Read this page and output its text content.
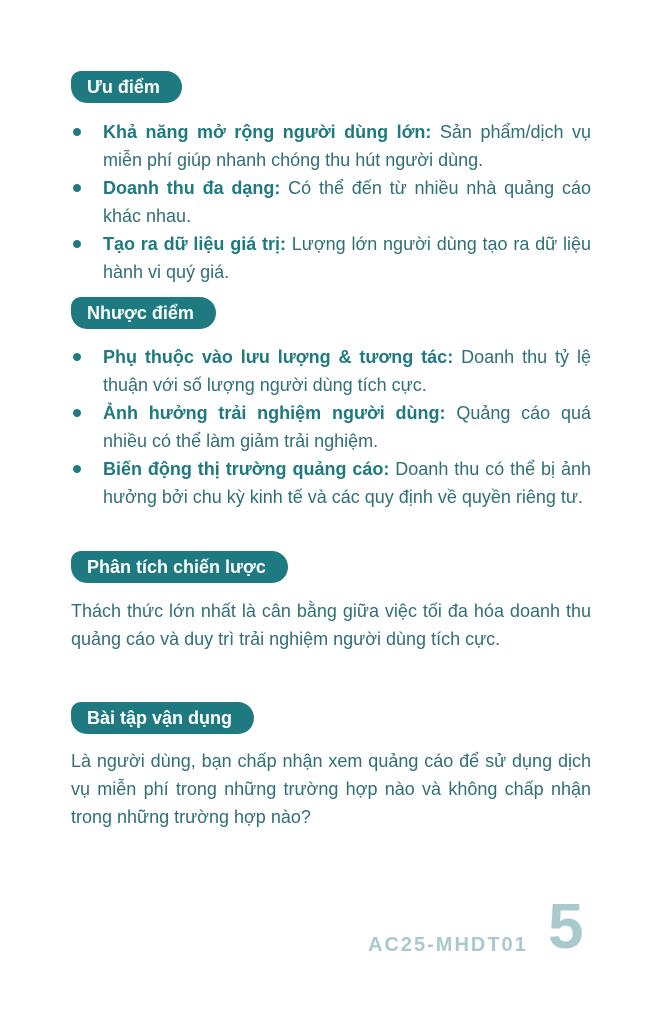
Ưu điểm
Khả năng mở rộng người dùng lớn: Sản phẩm/dịch vụ miễn phí giúp nhanh chóng thu hút người dùng.
Doanh thu đa dạng: Có thể đến từ nhiều nhà quảng cáo khác nhau.
Tạo ra dữ liệu giá trị: Lượng lớn người dùng tạo ra dữ liệu hành vi quý giá.
Nhược điểm
Phụ thuộc vào lưu lượng & tương tác: Doanh thu tỷ lệ thuận với số lượng người dùng tích cực.
Ảnh hưởng trải nghiệm người dùng: Quảng cáo quá nhiều có thể làm giảm trải nghiệm.
Biến động thị trường quảng cáo: Doanh thu có thể bị ảnh hưởng bởi chu kỳ kinh tế và các quy định về quyền riêng tư.
Phân tích chiến lược

Thách thức lớn nhất là cân bằng giữa việc tối đa hóa doanh thu quảng cáo và duy trì trải nghiệm người dùng tích cực.

Bài tập vận dụng

Là người dùng, bạn chấp nhận xem quảng cáo để sử dụng dịch vụ miễn phí trong những trường hợp nào và không chấp nhận trong những trường hợp nào?

AC25-MHDT01 5
